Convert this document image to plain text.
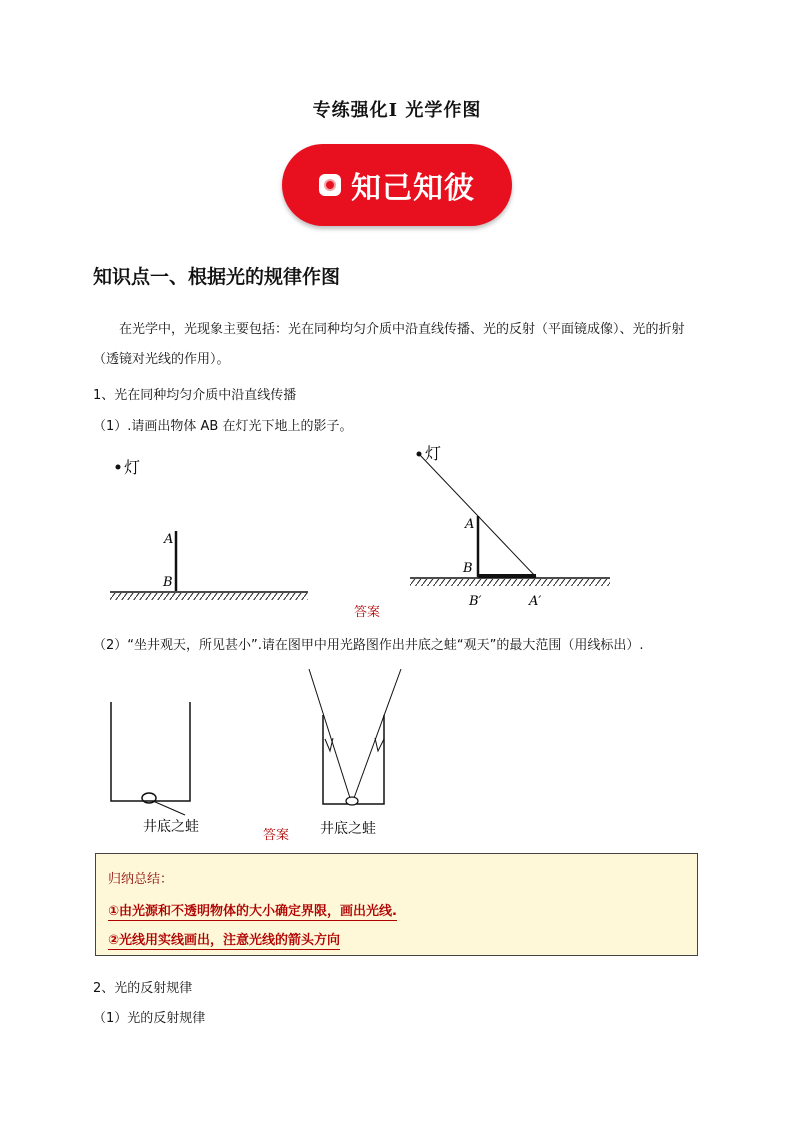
专练强化Ⅰ 光学作图
知己知彼
知识点一、根据光的规律作图
在光学中，光现象主要包括：光在同种均匀介质中沿直线传播、光的反射（平面镜成像）、光的折射（透镜对光线的作用）。
1、光在同种均匀介质中沿直线传播
（1）.请画出物体 AB 在灯光下地上的影子。
灯
A
B
答案
灯
A
B
B′	A′
（2）“坐井观天，所见甚小”.请在图甲中用光路图作出井底之蛙“观天”的最大范围（用线标出）.
井底之蛙
答案 井底之蛙
归纳总结：
①由光源和不透明物体的大小确定界限，画出光线.
②光线用实线画出，注意光线的箭头方向
2、光的反射规律
（1）光的反射规律
